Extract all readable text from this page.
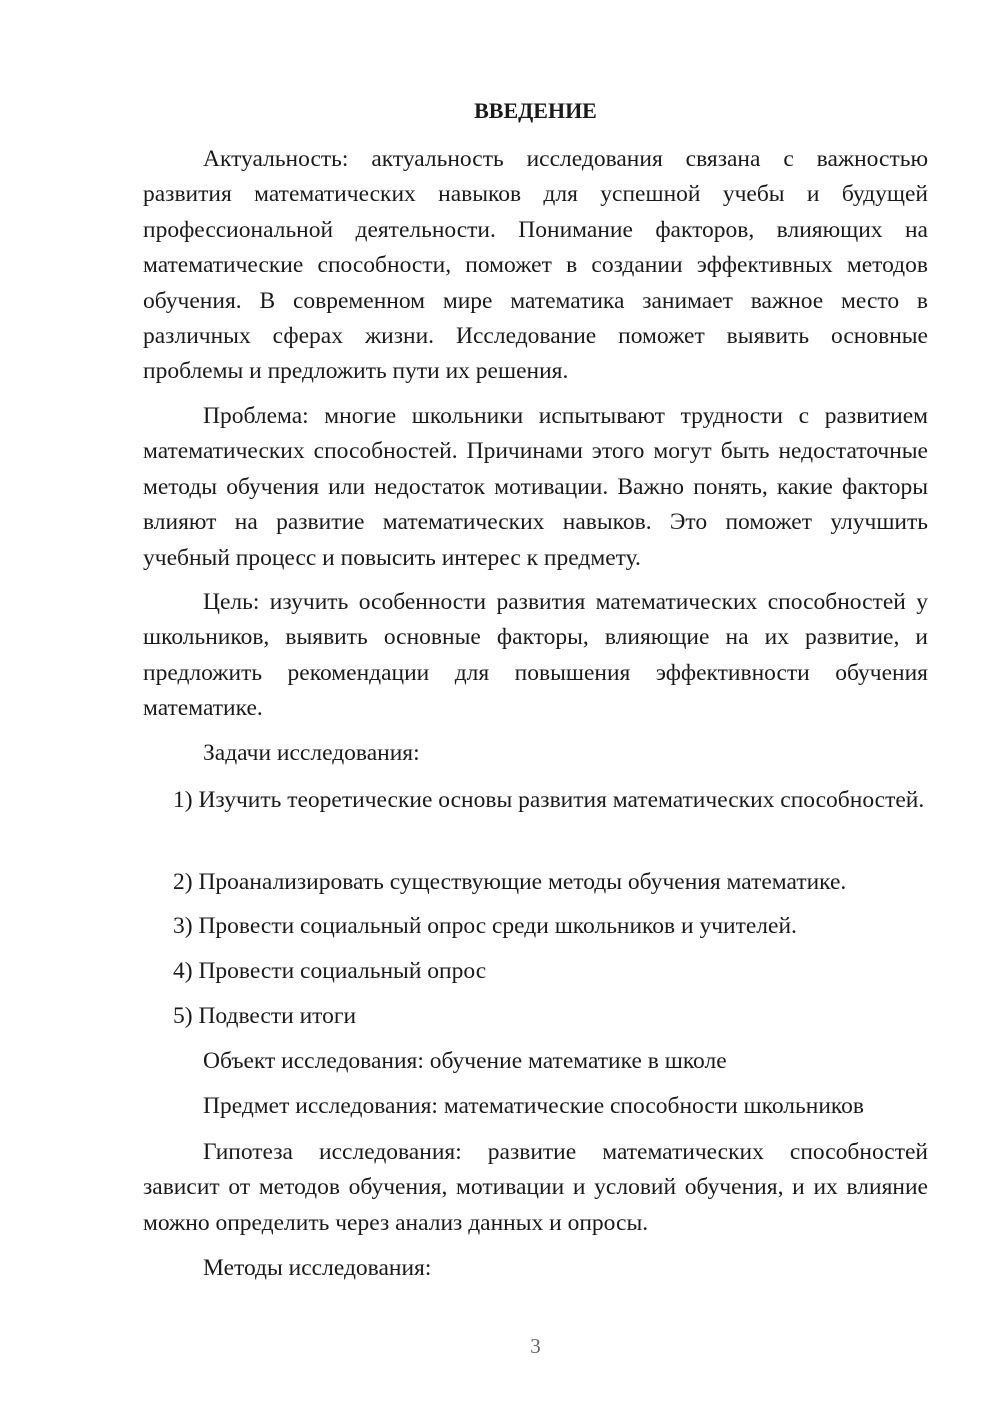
ВВЕДЕНИЕ

Актуальность: актуальность исследования связана с важностью развития математических навыков для успешной учебы и будущей профессиональной деятельности. Понимание факторов, влияющих на математические способности, поможет в создании эффективных методов обучения. В современном мире математика занимает важное место в различных сферах жизни. Исследование поможет выявить основные проблемы и предложить пути их решения.

Проблема: многие школьники испытывают трудности с развитием математических способностей. Причинами этого могут быть недостаточные методы обучения или недостаток мотивации. Важно понять, какие факторы влияют на развитие математических навыков. Это поможет улучшить учебный процесс и повысить интерес к предмету.

Цель: изучить особенности развития математических способностей у школьников, выявить основные факторы, влияющие на их развитие, и предложить рекомендации для повышения эффективности обучения математике.

Задачи исследования:

1) Изучить теоретические основы развития математических способностей.

2) Проанализировать существующие методы обучения математике.

3) Провести социальный опрос среди школьников и учителей.

4) Провести социальный опрос

5) Подвести итоги

Объект исследования: обучение математике в школе

Предмет исследования: математические способности школьников

Гипотеза исследования: развитие математических способностей зависит от методов обучения, мотивации и условий обучения, и их влияние можно определить через анализ данных и опросы.

Методы исследования:

3
